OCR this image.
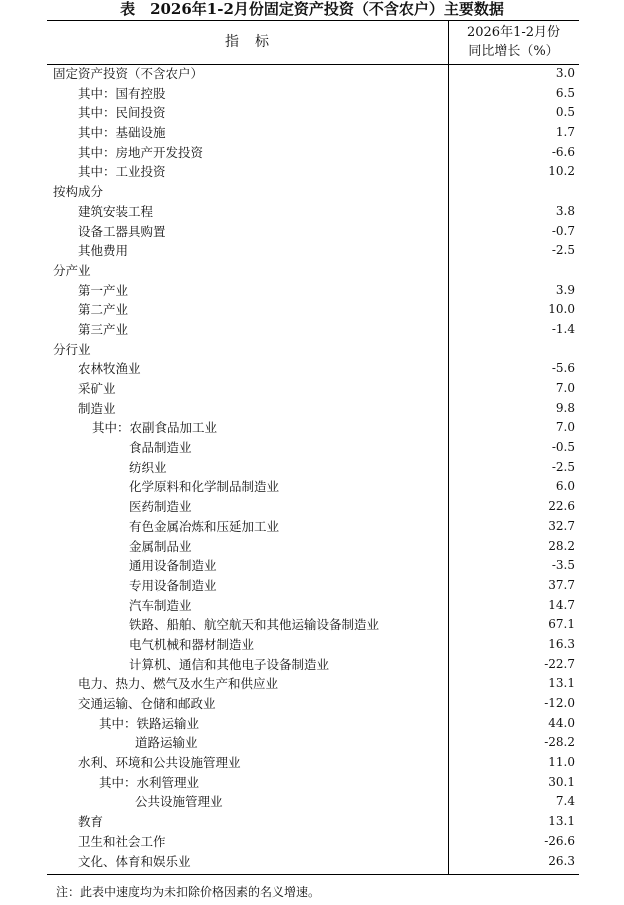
表　2026年1-2月份固定资产投资（不含农户）主要数据
指　标
2026年1-2月份
同比增长（%）
固定资产投资（不含农户）	3.0
其中：国有控股	6.5
其中：民间投资	0.5
其中：基础设施	1.7
其中：房地产开发投资	-6.6
其中：工业投资	10.2
按构成分
建筑安装工程	3.8
设备工器具购置	-0.7
其他费用	-2.5
分产业
第一产业	3.9
第二产业	10.0
第三产业	-1.4
分行业
农林牧渔业	-5.6
采矿业	7.0
制造业	9.8
其中：农副食品加工业	7.0
食品制造业	-0.5
纺织业	-2.5
化学原料和化学制品制造业	6.0
医药制造业	22.6
有色金属冶炼和压延加工业	32.7
金属制品业	28.2
通用设备制造业	-3.5
专用设备制造业	37.7
汽车制造业	14.7
铁路、船舶、航空航天和其他运输设备制造业	67.1
电气机械和器材制造业	16.3
计算机、通信和其他电子设备制造业	-22.7
电力、热力、燃气及水生产和供应业	13.1
交通运输、仓储和邮政业	-12.0
其中：铁路运输业	44.0
道路运输业	-28.2
水利、环境和公共设施管理业	11.0
其中：水利管理业	30.1
公共设施管理业	7.4
教育	13.1
卫生和社会工作	-26.6
文化、体育和娱乐业	26.3
注：此表中速度均为未扣除价格因素的名义增速。
